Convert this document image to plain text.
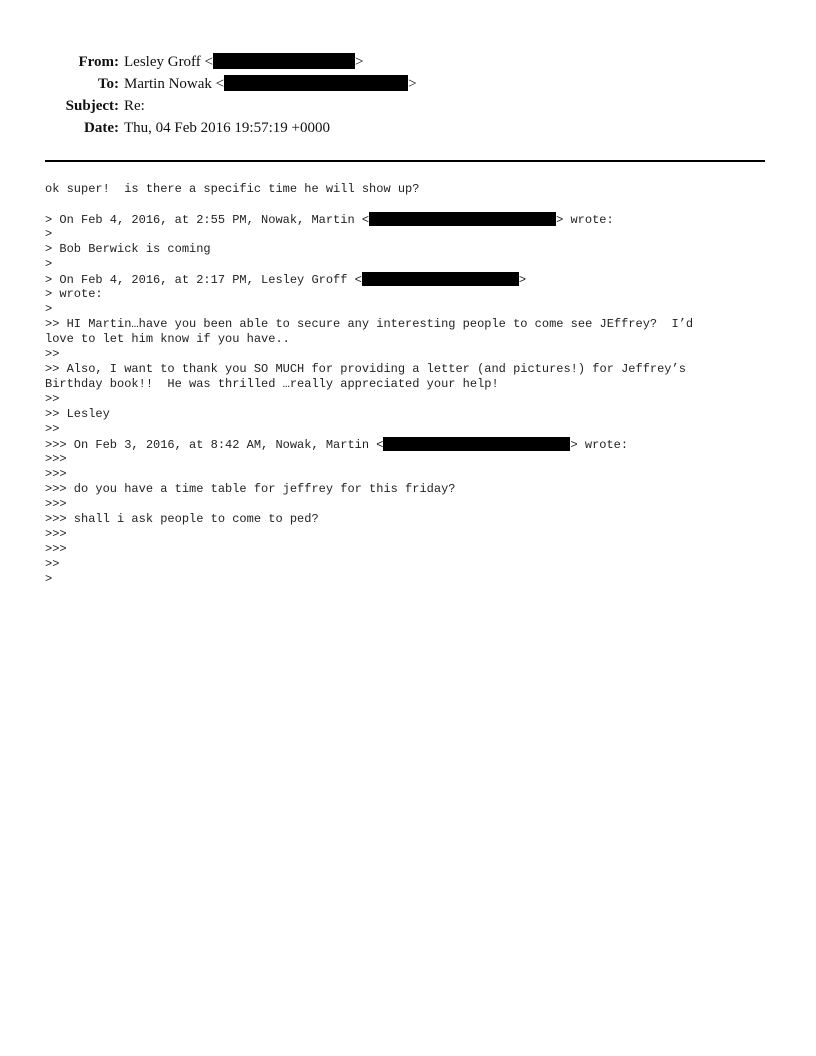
From: Lesley Groff <	>
To: Martin Nowak <	>
Subject: Re:
Date: Thu, 04 Feb 2016 19:57:19 +0000
ok super!  is there a specific time he will show up?
> On Feb 4, 2016, at 2:55 PM, Nowak, Martin <	> wrote:
>
> Bob Berwick is coming
>
> On Feb 4, 2016, at 2:17 PM, Lesley Groff <	>
> wrote:
>
>> HI Martin…have you been able to secure any interesting people to come see JEffrey?  I’d
love to let him know if you have..
>>
>> Also, I want to thank you SO MUCH for providing a letter (and pictures!) for Jeffrey’s
Birthday book!!  He was thrilled …really appreciated your help!
>>
>> Lesley
>>
>>> On Feb 3, 2016, at 8:42 AM, Nowak, Martin <	> wrote:
>>>
>>>
>>> do you have a time table for jeffrey for this friday?
>>>
>>> shall i ask people to come to ped?
>>>
>>>
>>
>
